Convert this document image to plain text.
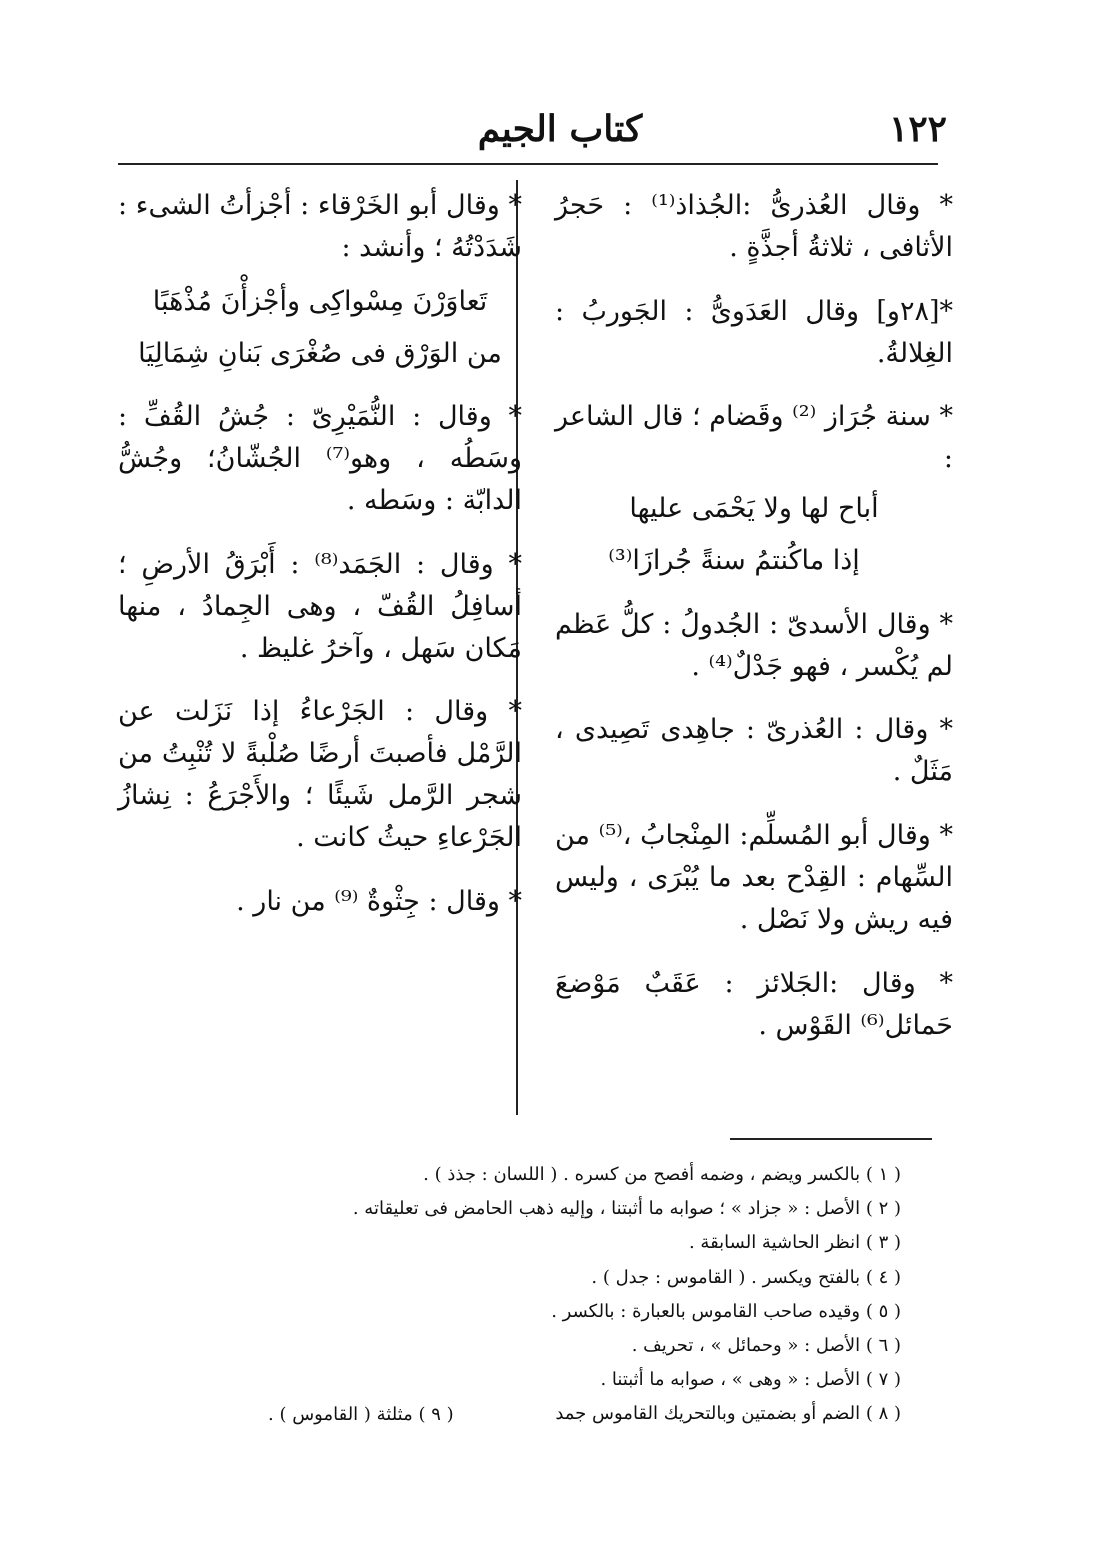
١٢٢
كتاب الجيم

* وقال العُذرىُّ :الجُذاذ⁽¹⁾ : حَجرُ الأثافى ، ثلاثةُ أجذَّةٍ .

*[٢٨و] وقال العَدَوىُّ : الجَوربُ : الغِلالةُ.

* سنة جُرَاز ⁽²⁾ وقَضام ؛ قال الشاعر :

أباح لها ولا يَحْمَى عليها

إذا ماكُنتمُ سنةً جُرازَا⁽³⁾

* وقال الأسدىّ : الجُدولُ : كلُّ عَظم لم يُكْسر ، فهو جَدْلٌ⁽⁴⁾ .

* وقال : العُذرىّ : جاهِدى تَصِيدى ، مَثَلٌ .

* وقال أبو المُسلِّم: المِنْجابُ ،⁽⁵⁾ من السِّهام : القِدْح بعد ما يُبْرَى ، وليس فيه ريش ولا نَصْل .

* وقال :الجَلائز : عَقَبٌ مَوْضعَ حَمائل⁽⁶⁾ القَوْس .

* وقال أبو الخَرْقاء : أجْزأتُ الشىء : شَدَدْتُهُ ؛ وأنشد :

تَعاوَرْنَ مِسْواكِى وأجْزأْنَ مُذْهَبًا

من الوَرْق فى صُغْرَى بَنانِ شِمَالِيَا

* وقال : النُّمَيْرِىّ : جُشُ القُفِّ : وسَطُه ، وهو⁽⁷⁾ الجُشّانُ؛ وجُشُّ الدابّة : وسَطه .

* وقال : الجَمَد⁽⁸⁾ : أَبْرَقُ الأرضِ ؛ أسافِلُ القُفّ ، وهى الجِمادُ ، منها مَكان سَهل ، وآخرُ غليظ .

* وقال : الجَرْعاءُ إذا نَزَلت عن الرَّمْل فأصبتَ أرضًا صُلْبةً لا تُنْبِتُ من شجر الرَّمل شَيئًا ؛ والأَجْرَعُ : نِشازُ الجَرْعاءِ حيثُ كانت .

* وقال : جِثْوةٌ ⁽⁹⁾ من نار .

( ١ ) بالكسر ويضم ، وضمه أفصح من كسره . ( اللسان : جذذ ) .
( ٢ ) الأصل : « جزاد » ؛ صوابه ما أثبتنا ، وإليه ذهب الحامض فى تعليقاته .
( ٣ ) انظر الحاشية السابقة .
( ٤ ) بالفتح ويكسر . ( القاموس : جدل ) .
( ٥ ) وقيده صاحب القاموس بالعبارة : بالكسر .
( ٦ ) الأصل : « وحمائل » ، تحريف .
( ٧ ) الأصل : « وهى » ، صوابه ما أثبتنا .
( ٨ ) الضم أو بضمتين وبالتحريك القاموس جمد
( ٩ ) مثلثة ( القاموس ) .
